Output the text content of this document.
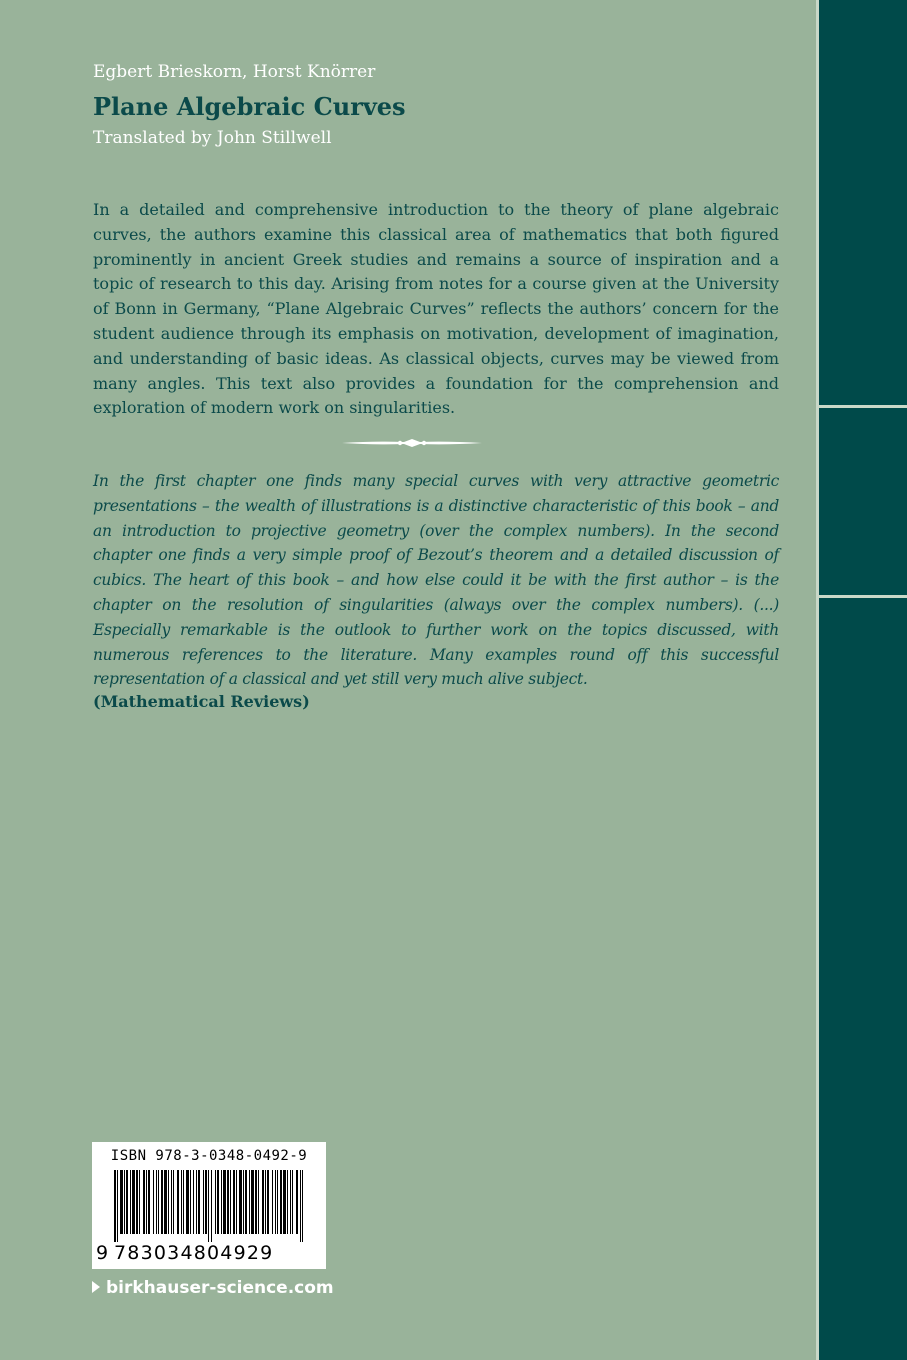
Egbert Brieskorn, Horst Knörrer
Plane Algebraic Curves
Translated by John Stillwell
In a detailed and comprehensive introduction to the theory of plane algebraic curves, the authors examine this classical area of mathematics that both figured prominently in ancient Greek studies and remains a source of inspiration and a topic of research to this day. Arising from notes for a course given at the University of Bonn in Germany, “Plane Algebraic Curves” reflects the authors’ concern for the student audience through its emphasis on motivation, development of imagination, and understanding of basic ideas. As classical objects, curves may be viewed from many angles. This text also provides a foundation for the comprehension and exploration of modern work on singularities.
In the first chapter one finds many special curves with very attractive geometric presentations – the wealth of illustrations is a distinctive characteristic of this book – and an introduction to projective geometry (over the complex numbers). In the second chapter one finds a very simple proof of Bezout’s theorem and a detailed discussion of cubics. The heart of this book – and how else could it be with the first author – is the chapter on the resolution of singularities (always over the complex numbers). (...) Especially remarkable is the outlook to further work on the topics discussed, with numerous references to the literature. Many examples round off this successful representation of a classical and yet still very much alive subject.
(Mathematical Reviews)
ISBN 978-3-0348-0492-9
9 783034804929
birkhauser-science.com
